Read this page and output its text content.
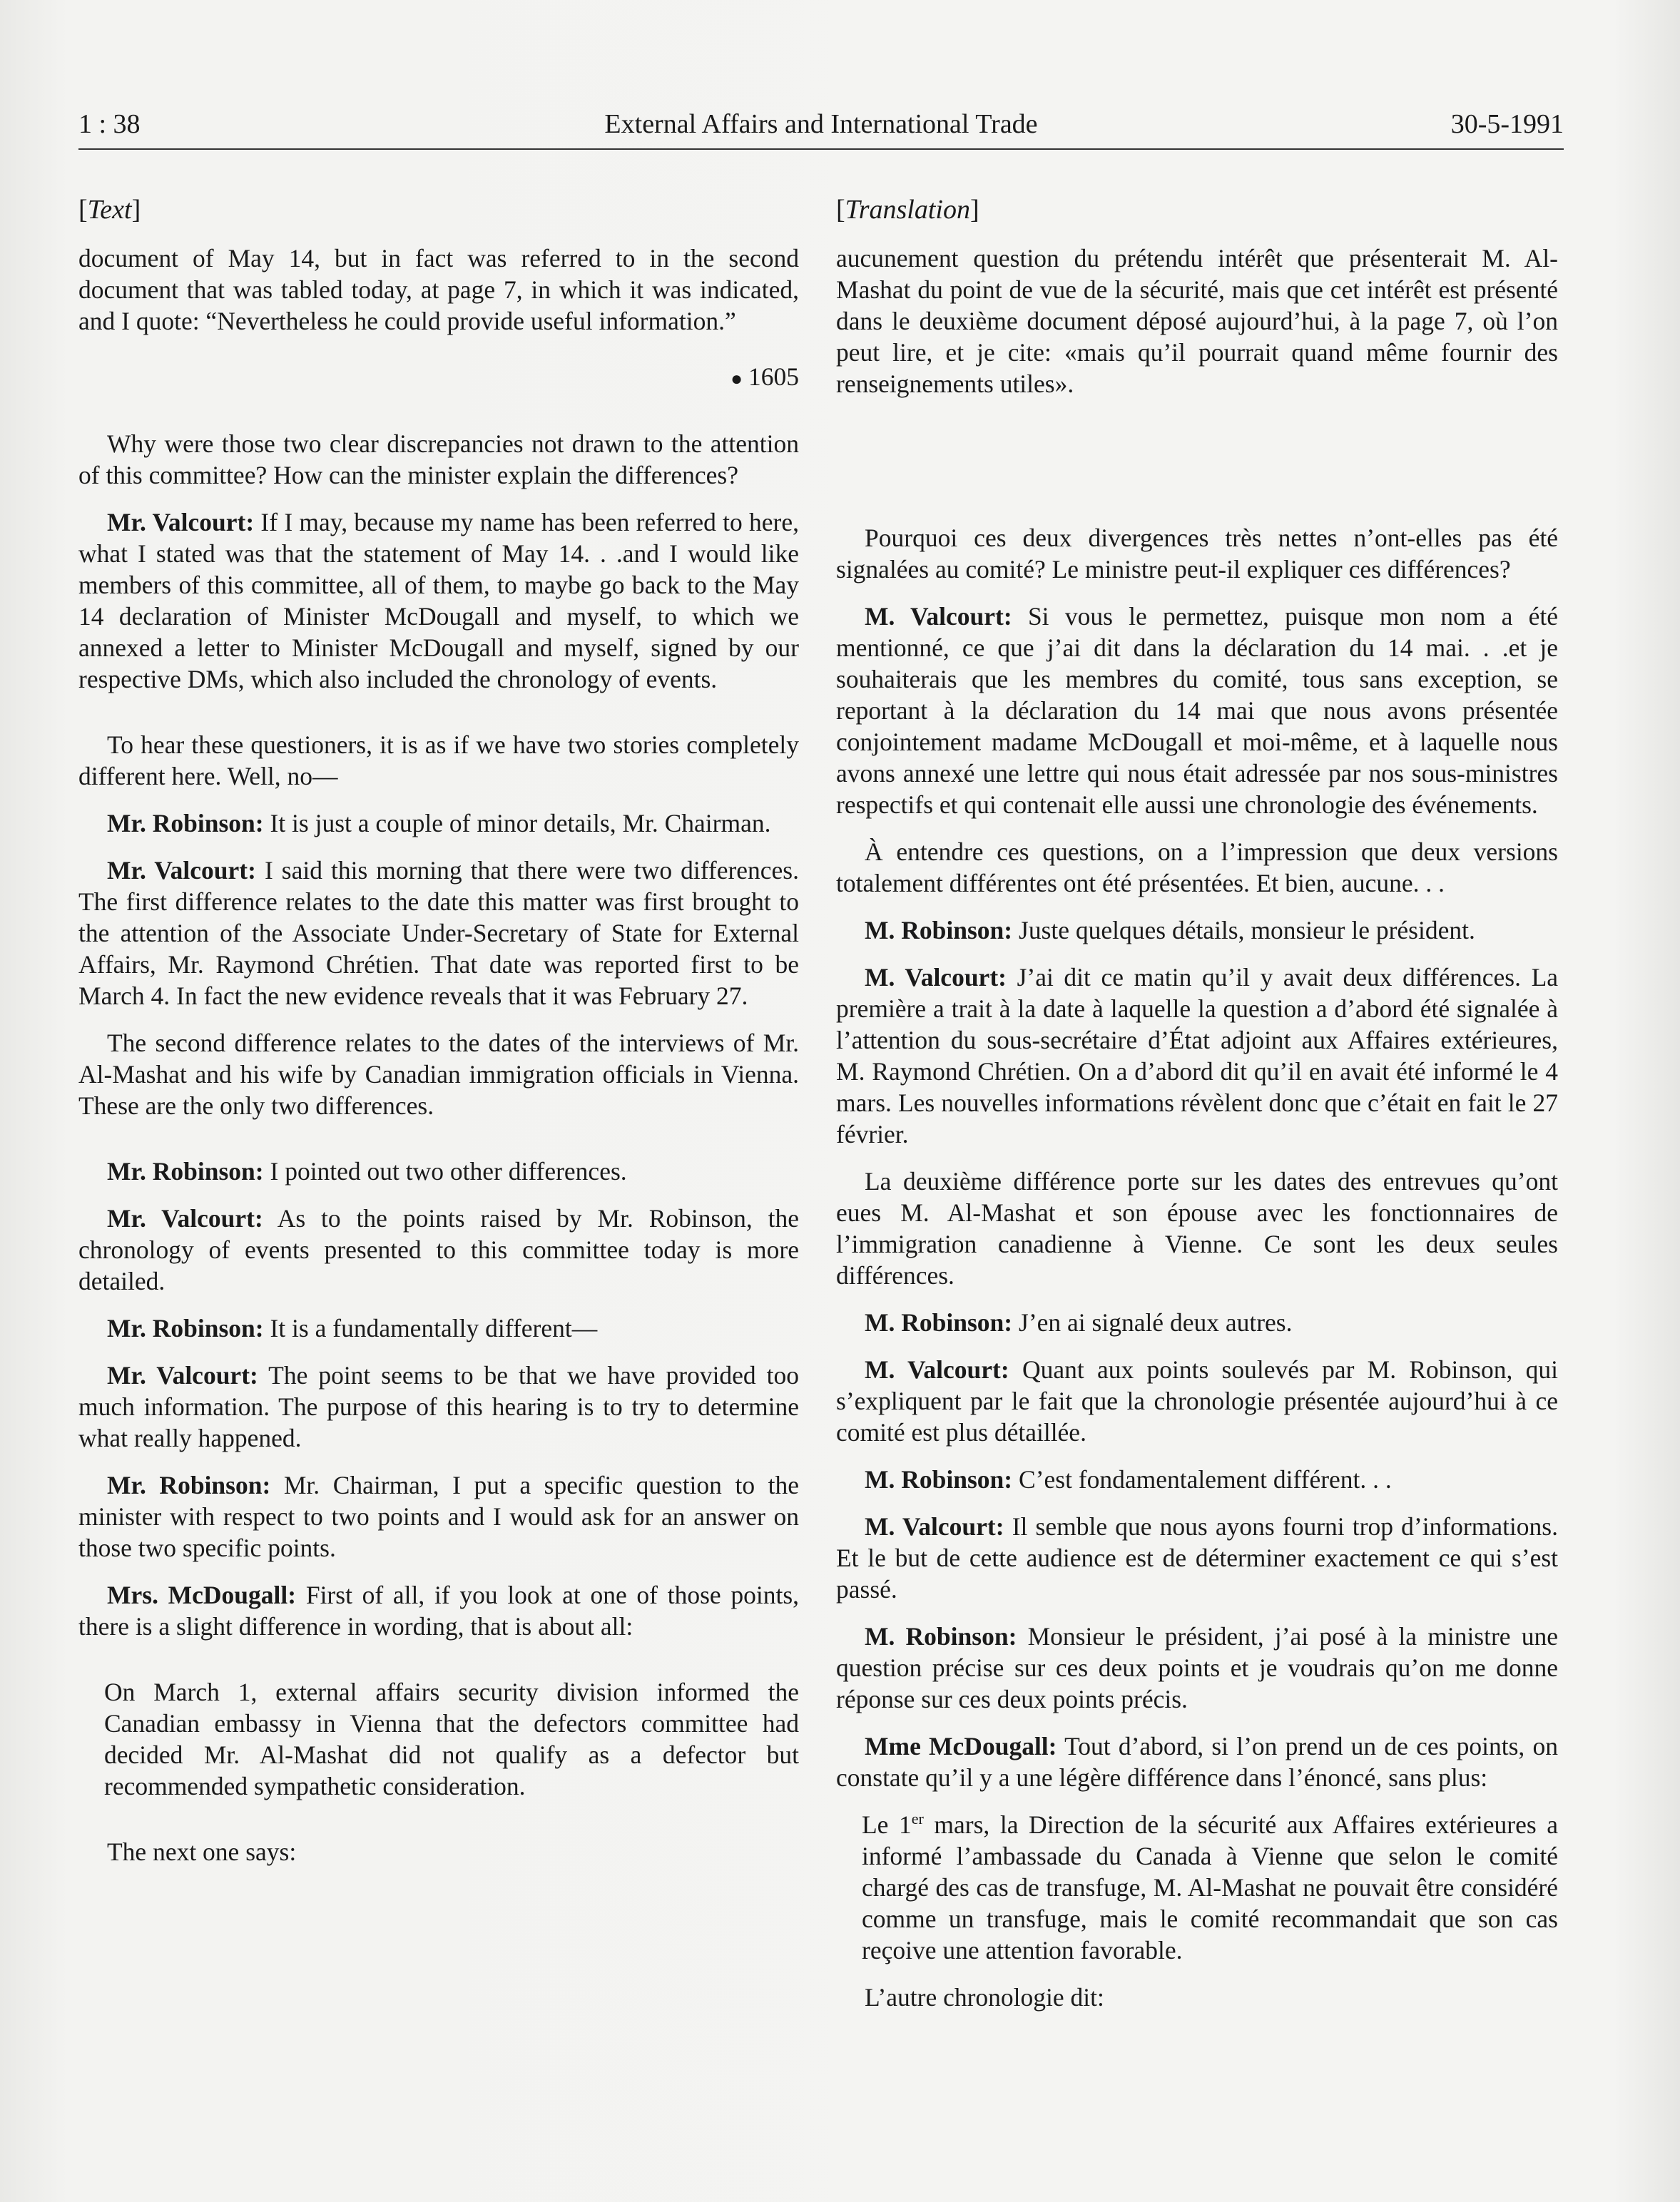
1 : 38	External Affairs and International Trade	30-5-1991
[Text]

document of May 14, but in fact was referred to in the second document that was tabled today, at page 7, in which it was indicated, and I quote: “Nevertheless he could provide useful information.”

● 1605

Why were those two clear discrepancies not drawn to the attention of this committee? How can the minister explain the differences?

Mr. Valcourt: If I may, because my name has been referred to here, what I stated was that the statement of May 14. . .and I would like members of this committee, all of them, to maybe go back to the May 14 declaration of Minister McDougall and myself, to which we annexed a letter to Minister McDougall and myself, signed by our respective DMs, which also included the chronology of events.

To hear these questioners, it is as if we have two stories completely different here. Well, no—

Mr. Robinson: It is just a couple of minor details, Mr. Chairman.

Mr. Valcourt: I said this morning that there were two differences. The first difference relates to the date this matter was first brought to the attention of the Associate Under-Secretary of State for External Affairs, Mr. Raymond Chrétien. That date was reported first to be March 4. In fact the new evidence reveals that it was February 27.

The second difference relates to the dates of the interviews of Mr. Al-Mashat and his wife by Canadian immigration officials in Vienna. These are the only two differences.

Mr. Robinson: I pointed out two other differences.

Mr. Valcourt: As to the points raised by Mr. Robinson, the chronology of events presented to this committee today is more detailed.

Mr. Robinson: It is a fundamentally different—

Mr. Valcourt: The point seems to be that we have provided too much information. The purpose of this hearing is to try to determine what really happened.

Mr. Robinson: Mr. Chairman, I put a specific question to the minister with respect to two points and I would ask for an answer on those two specific points.

Mrs. McDougall: First of all, if you look at one of those points, there is a slight difference in wording, that is about all:

On March 1, external affairs security division informed the Canadian embassy in Vienna that the defectors committee had decided Mr. Al-Mashat did not qualify as a defector but recommended sympathetic consideration.

The next one says:

[Translation]

aucunement question du prétendu intérêt que présenterait M. Al-Mashat du point de vue de la sécurité, mais que cet intérêt est présenté dans le deuxième document déposé aujourd’hui, à la page 7, où l’on peut lire, et je cite: «mais qu’il pourrait quand même fournir des renseignements utiles».

Pourquoi ces deux divergences très nettes n’ont-elles pas été signalées au comité? Le ministre peut-il expliquer ces différences?

M. Valcourt: Si vous le permettez, puisque mon nom a été mentionné, ce que j’ai dit dans la déclaration du 14 mai. . .et je souhaiterais que les membres du comité, tous sans exception, se reportant à la déclaration du 14 mai que nous avons présentée conjointement madame McDougall et moi-même, et à laquelle nous avons annexé une lettre qui nous était adressée par nos sous-ministres respectifs et qui contenait elle aussi une chronologie des événements.

À entendre ces questions, on a l’impression que deux versions totalement différentes ont été présentées. Et bien, aucune. . .

M. Robinson: Juste quelques détails, monsieur le président.

M. Valcourt: J’ai dit ce matin qu’il y avait deux différences. La première a trait à la date à laquelle la question a d’abord été signalée à l’attention du sous-secrétaire d’État adjoint aux Affaires extérieures, M. Raymond Chrétien. On a d’abord dit qu’il en avait été informé le 4 mars. Les nouvelles informations révèlent donc que c’était en fait le 27 février.

La deuxième différence porte sur les dates des entrevues qu’ont eues M. Al-Mashat et son épouse avec les fonctionnaires de l’immigration canadienne à Vienne. Ce sont les deux seules différences.

M. Robinson: J’en ai signalé deux autres.

M. Valcourt: Quant aux points soulevés par M. Robinson, qui s’expliquent par le fait que la chronologie présentée aujourd’hui à ce comité est plus détaillée.

M. Robinson: C’est fondamentalement différent. . .

M. Valcourt: Il semble que nous ayons fourni trop d’informations. Et le but de cette audience est de déterminer exactement ce qui s’est passé.

M. Robinson: Monsieur le président, j’ai posé à la ministre une question précise sur ces deux points et je voudrais qu’on me donne réponse sur ces deux points précis.

Mme McDougall: Tout d’abord, si l’on prend un de ces points, on constate qu’il y a une légère différence dans l’énoncé, sans plus:

Le 1er mars, la Direction de la sécurité aux Affaires extérieures a informé l’ambassade du Canada à Vienne que selon le comité chargé des cas de transfuge, M. Al-Mashat ne pouvait être considéré comme un transfuge, mais le comité recommandait que son cas reçoive une attention favorable.

L’autre chronologie dit:
